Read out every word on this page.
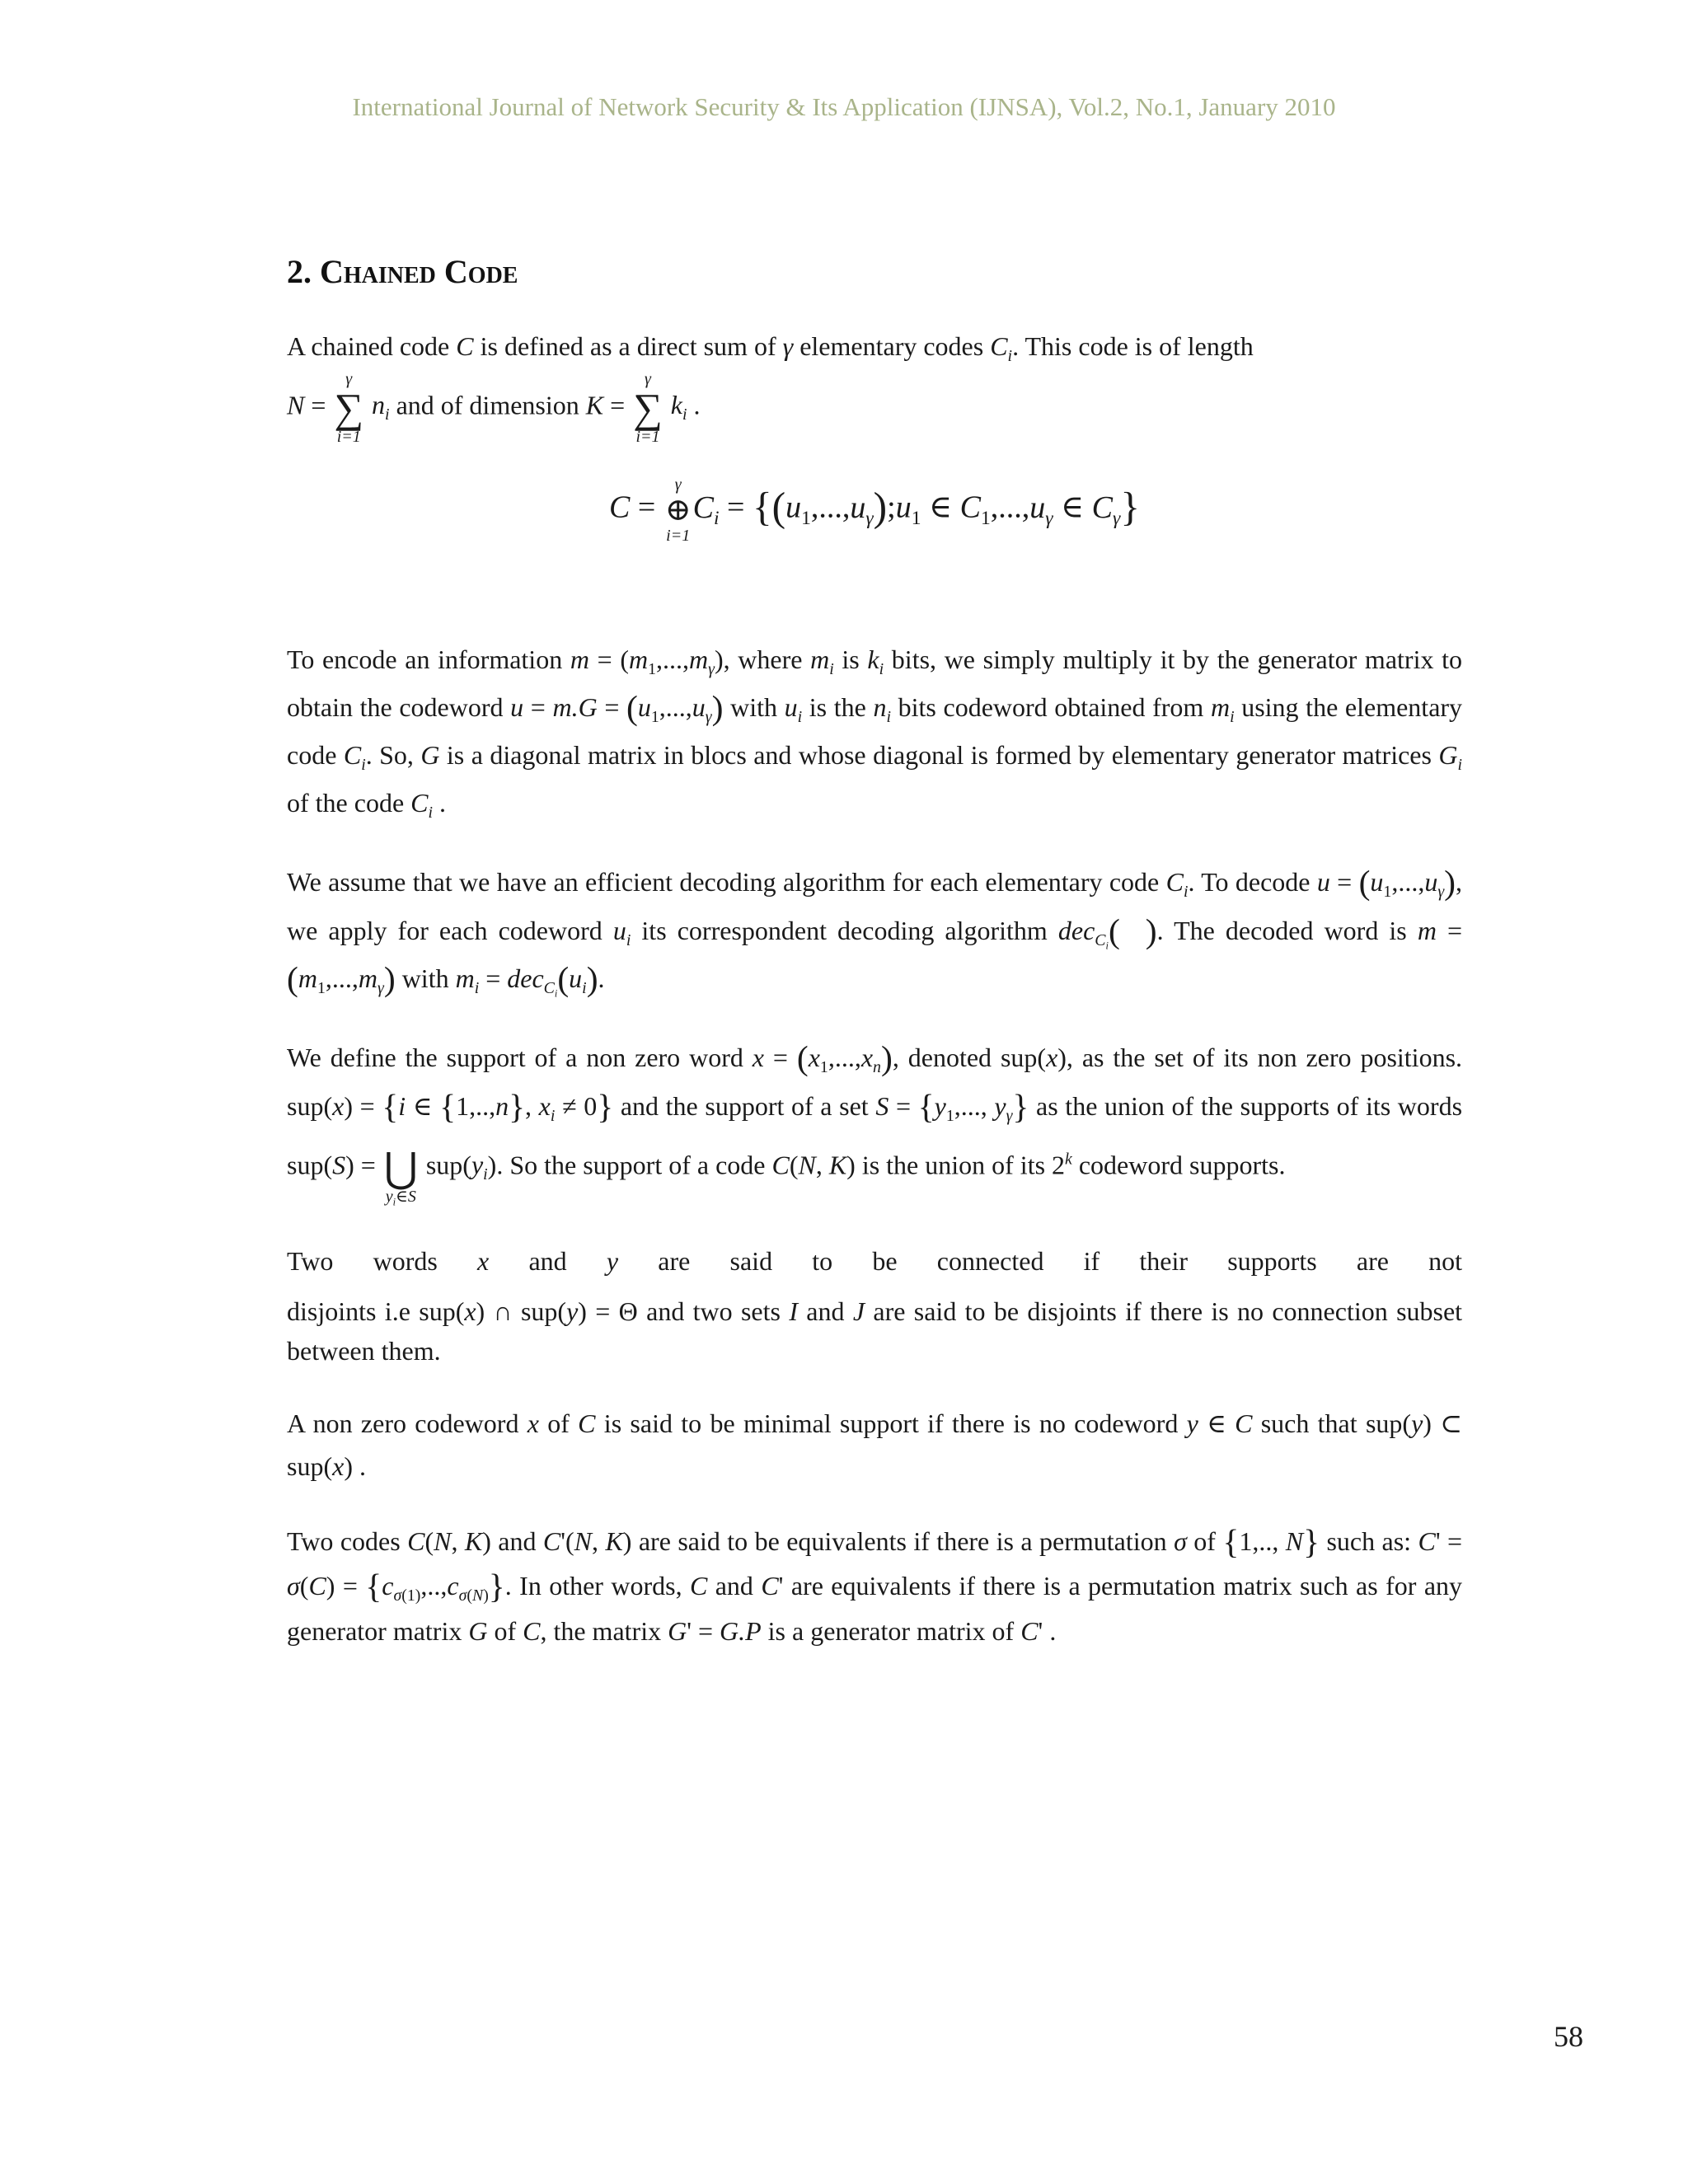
International Journal of Network Security & Its Application (IJNSA), Vol.2, No.1, January 2010
2. Chained Code

A chained code C is defined as a direct sum of γ elementary codes $C_i$. This code is of length
N =
γ
∑
i=1
$n_i$ and of dimension K =
γ
∑
i=1
$k_i$ .

C =
γ
⊕
i=1
$C_i$ = {$(u_1,...,u_\gamma);u_1$ ∈ $C_1,...,u_\gamma$ ∈ $C_\gamma$}

To encode an information $m = (m_1,...,m_\gamma)$, where $m_i$ is $k_i$ bits, we simply multiply it by the generator matrix to obtain the codeword $u = m.G = (u_1,...,u_\gamma)$ with $u_i$ is the $n_i$ bits codeword obtained from $m_i$ using the elementary code $C_i$. So, G is a diagonal matrix in blocs and whose diagonal is formed by elementary generator matrices $G_i$ of the code $C_i$ .

We assume that we have an efficient decoding algorithm for each elementary code $C_i$. To decode $u = (u_1,...,u_\gamma)$, we apply for each codeword $u_i$ its correspondent decoding algorithm dec$_{C_i}$(  ). The decoded word is $m = (m_1,...,m_\gamma)$ with $m_i = dec_{C_i}(u_i)$.

We define the support of a non zero word $x = (x_1,...,x_n)$, denoted sup(x), as the set of its non zero positions. sup(x) = {i ∈ {1,..,n}, $x_i \ne 0$} and the support of a set $S = \{y_1$,..., $y_\gamma$} as the union of the supports of its words sup(S) =
⋃
$y_i\in S$
$sup(y_i)$. So the support of a code C(N, K) is the union of its 2$^k$ codeword supports.

Two words x and y are said to be connected if their supports are not

disjoints i.e sup(x) ∩ sup(y) = Θ and two sets I and J are said to be disjoints if there is no connection subset between them.

A non zero codeword x of C is said to be minimal support if there is no codeword y ∈ C such that sup(y) ⊂ sup(x) .

Two codes C(N, K) and C'(N, K) are said to be equivalents if there is a permutation σ of {1,.., N} such as: $C' = \sigma(C) = \{c_{\sigma(1)},..,c_{\sigma(N)}\}$. In other words, C and C' are equivalents if there is a permutation matrix such as for any generator matrix G of C, the matrix G' = G.P is a generator matrix of C' .

58
